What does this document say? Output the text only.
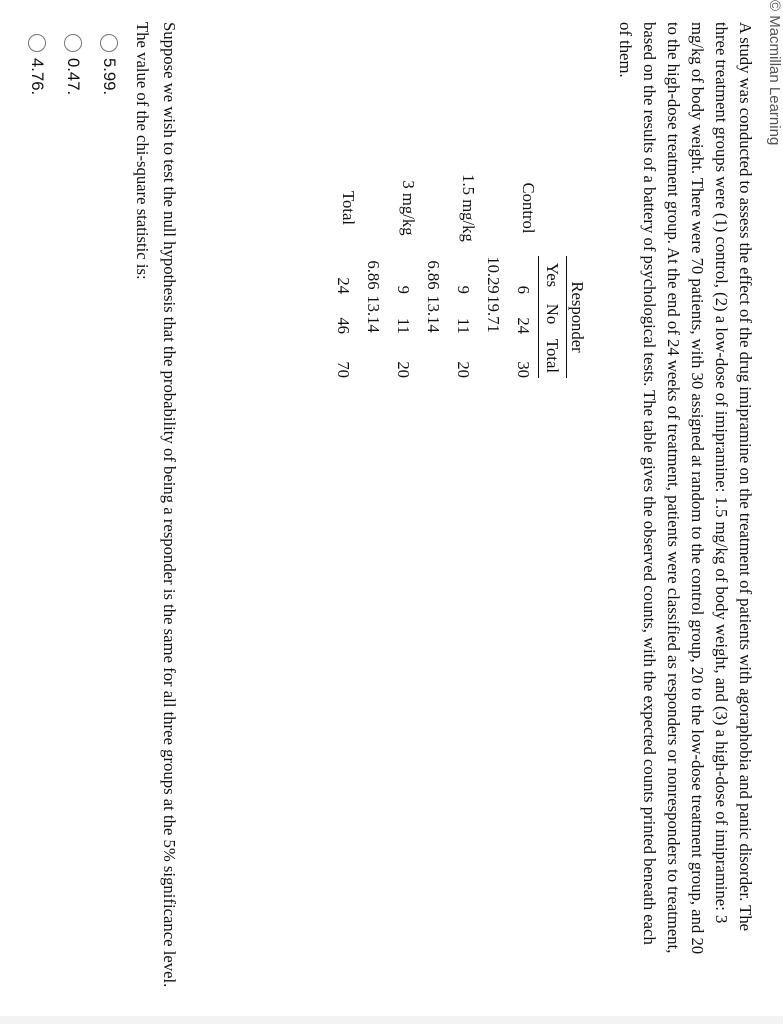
© Macmillan Learning

A study was conducted to assess the effect of the drug imipramine on the treatment of patients with agoraphobia and panic disorder. The three treatment groups were (1) control, (2) a low-dose of imipramine: 1.5 mg/kg of body weight, and (3) a high-dose of imipramine: 3 mg/kg of body weight. There were 70 patients, with 30 assigned at random to the control group, 20 to the low-dose treatment group, and 20 to the high-dose treatment group. At the end of 24 weeks of treatment, patients were classified as responders or nonresponders to treatment, based on the results of a battery of psychological tests. The table gives the observed counts, with the expected counts printed beneath each of them.

	Responder		
	Yes	No	Total
Control	6	24	30
	10.29	19.71	
1.5 mg/kg	9	11	20
	6.86	13.14	
3 mg/kg	9	11	20
	6.86	13.14	
Total	24	46	70

Suppose we wish to test the null hypothesis that the probability of being a responder is the same for all three groups at the 5% significance level. The value of the chi-square statistic is:

5.99.
0.47.
4.76.
